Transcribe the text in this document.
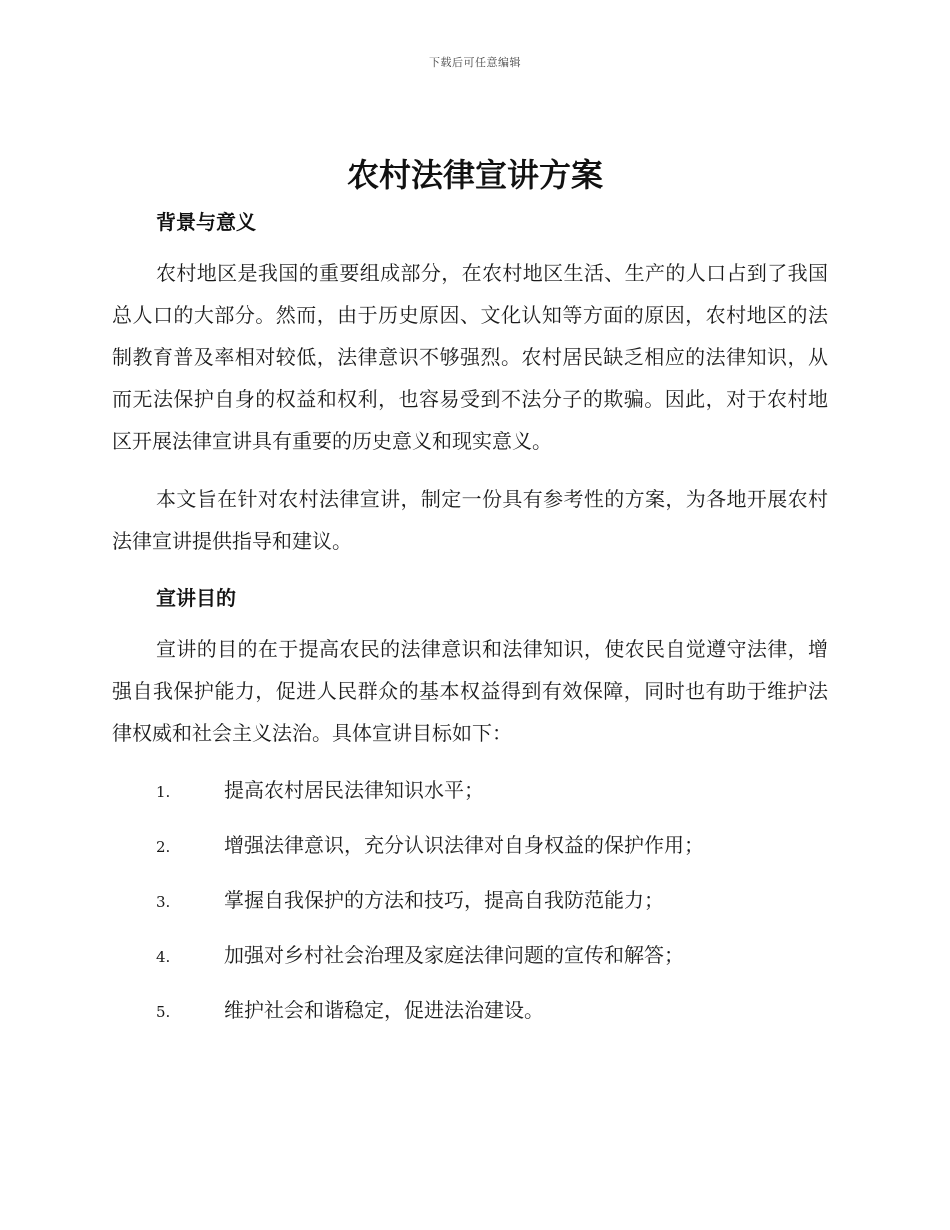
下载后可任意编辑
农村法律宣讲方案
背景与意义

农村地区是我国的重要组成部分，在农村地区生活、生产的人口占到了我国总人口的大部分。然而，由于历史原因、文化认知等方面的原因，农村地区的法制教育普及率相对较低，法律意识不够强烈。农村居民缺乏相应的法律知识，从而无法保护自身的权益和权利，也容易受到不法分子的欺骗。因此，对于农村地区开展法律宣讲具有重要的历史意义和现实意义。

本文旨在针对农村法律宣讲，制定一份具有参考性的方案，为各地开展农村法律宣讲提供指导和建议。

宣讲目的

宣讲的目的在于提高农民的法律意识和法律知识，使农民自觉遵守法律，增强自我保护能力，促进人民群众的基本权益得到有效保障，同时也有助于维护法律权威和社会主义法治。具体宣讲目标如下：

1.	提高农村居民法律知识水平；
2.	增强法律意识，充分认识法律对自身权益的保护作用；
3.	掌握自我保护的方法和技巧，提高自我防范能力；
4.	加强对乡村社会治理及家庭法律问题的宣传和解答；
5.	维护社会和谐稳定，促进法治建设。
